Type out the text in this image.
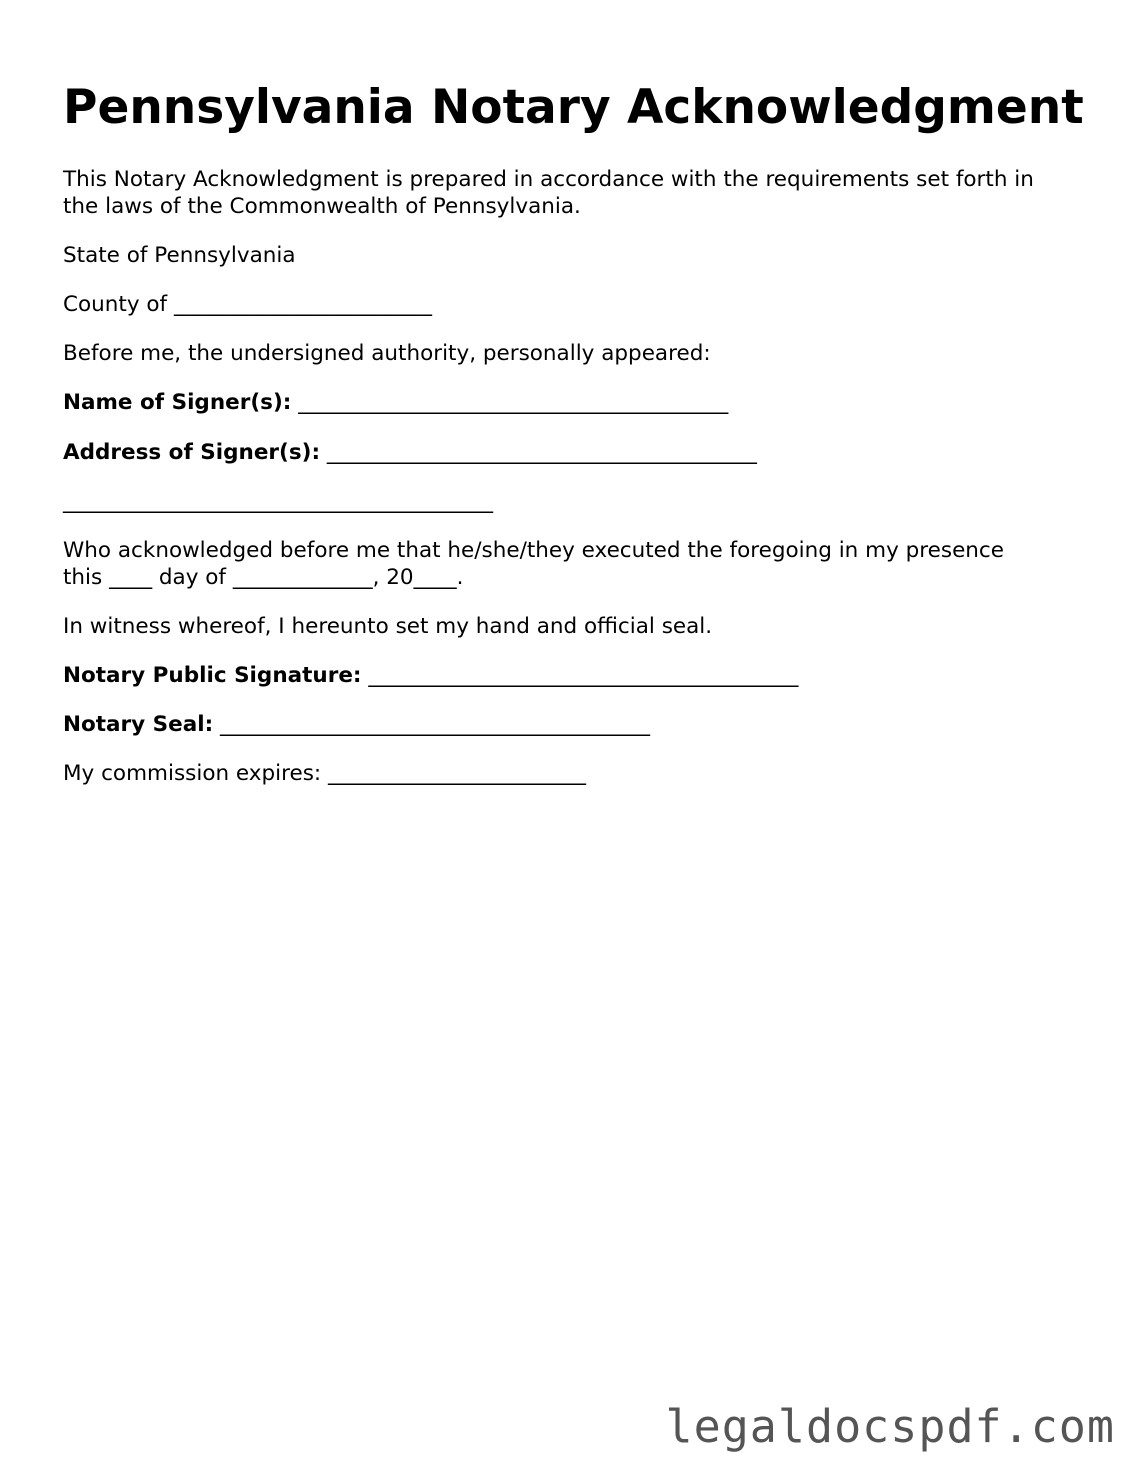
Pennsylvania Notary Acknowledgment
This Notary Acknowledgment is prepared in accordance with the requirements set forth in
the laws of the Commonwealth of Pennsylvania.
State of Pennsylvania
County of ________________________
Before me, the undersigned authority, personally appeared:
Name of Signer(s): ________________________________________
Address of Signer(s): ________________________________________
________________________________________
Who acknowledged before me that he/she/they executed the foregoing in my presence
this ____ day of _____________, 20____.
In witness whereof, I hereunto set my hand and official seal.
Notary Public Signature: ________________________________________
Notary Seal: ________________________________________
My commission expires: ________________________
legaldocspdf.com
